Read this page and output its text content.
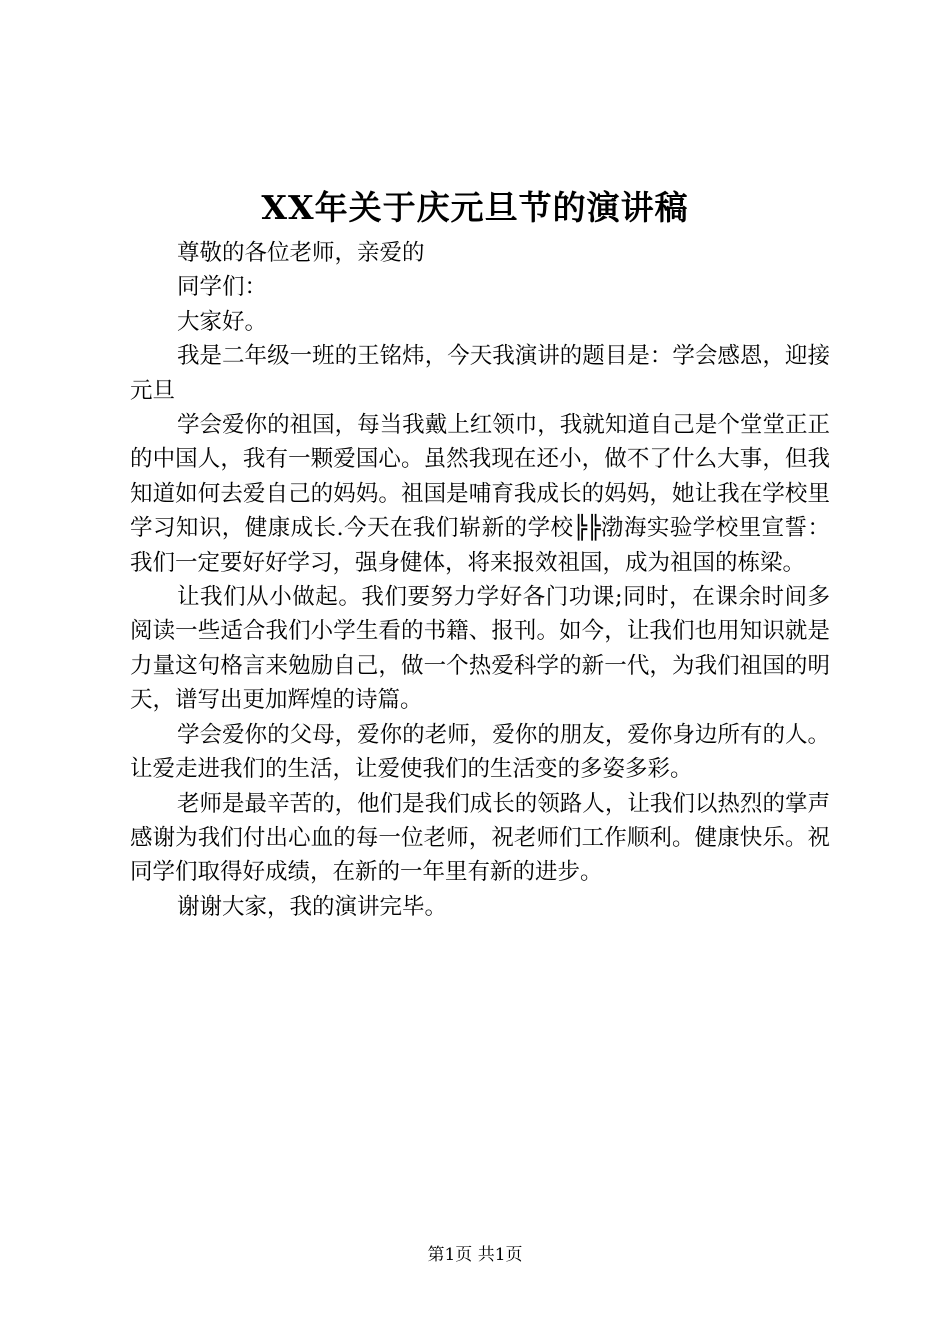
XX年关于庆元旦节的演讲稿

尊敬的各位老师，亲爱的

同学们：

大家好。

我是二年级一班的王铭炜，今天我演讲的题目是：学会感恩，迎接元旦

学会爱你的祖国，每当我戴上红领巾，我就知道自己是个堂堂正正的中国人，我有一颗爱国心。虽然我现在还小，做不了什么大事，但我知道如何去爱自己的妈妈。祖国是哺育我成长的妈妈，她让我在学校里学习知识，健康成长.今天在我们崭新的学校╠╠渤海实验学校里宣誓：我们一定要好好学习，强身健体，将来报效祖国，成为祖国的栋梁。

让我们从小做起。我们要努力学好各门功课;同时，在课余时间多阅读一些适合我们小学生看的书籍、报刊。如今，让我们也用知识就是力量这句格言来勉励自己，做一个热爱科学的新一代，为我们祖国的明天，谱写出更加辉煌的诗篇。

学会爱你的父母，爱你的老师，爱你的朋友，爱你身边所有的人。让爱走进我们的生活，让爱使我们的生活变的多姿多彩。

老师是最辛苦的，他们是我们成长的领路人，让我们以热烈的掌声感谢为我们付出心血的每一位老师，祝老师们工作顺利。健康快乐。祝同学们取得好成绩，在新的一年里有新的进步。

谢谢大家，我的演讲完毕。

第1页 共1页
